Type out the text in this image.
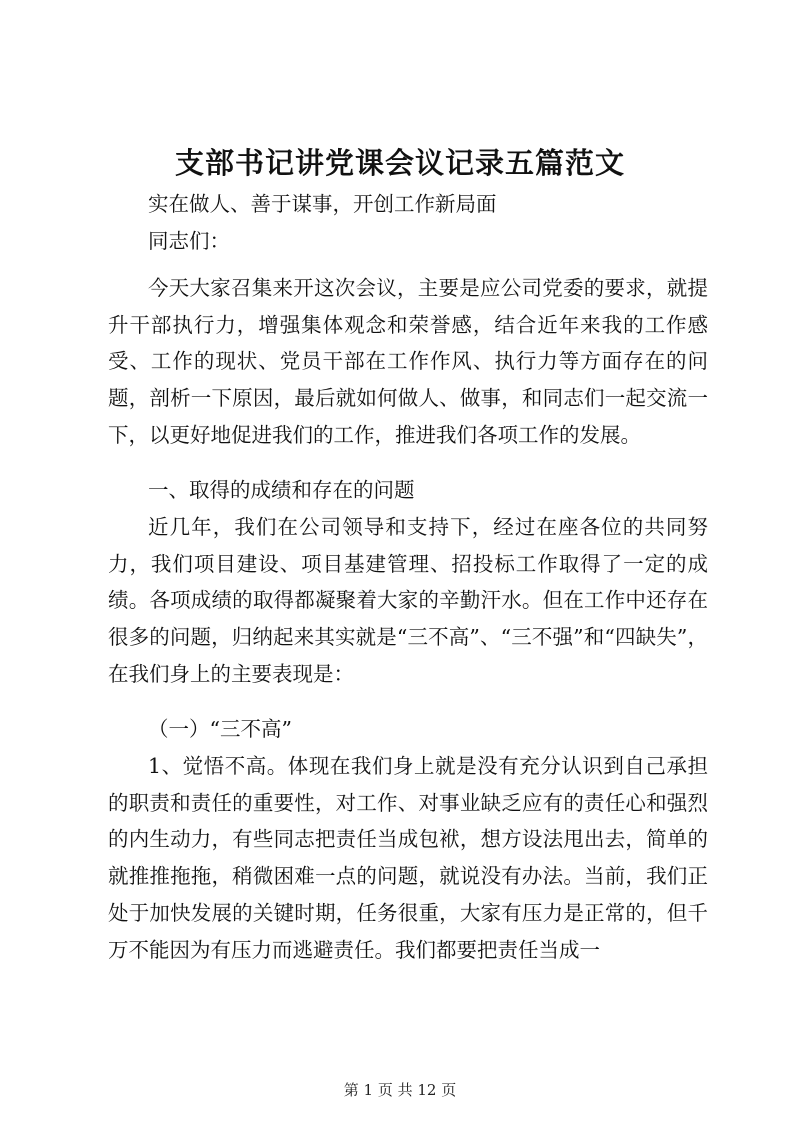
支部书记讲党课会议记录五篇范文

实在做人、善于谋事，开创工作新局面

同志们：

今天大家召集来开这次会议，主要是应公司党委的要求，就提升干部执行力，增强集体观念和荣誉感，结合近年来我的工作感受、工作的现状、党员干部在工作作风、执行力等方面存在的问题，剖析一下原因，最后就如何做人、做事，和同志们一起交流一下，以更好地促进我们的工作，推进我们各项工作的发展。

一、取得的成绩和存在的问题

近几年，我们在公司领导和支持下，经过在座各位的共同努力，我们项目建设、项目基建管理、招投标工作取得了一定的成绩。各项成绩的取得都凝聚着大家的辛勤汗水。但在工作中还存在很多的问题，归纳起来其实就是“三不高”、“三不强”和“四缺失”，在我们身上的主要表现是：

（一）“三不高”

1、觉悟不高。体现在我们身上就是没有充分认识到自己承担的职责和责任的重要性，对工作、对事业缺乏应有的责任心和强烈的内生动力，有些同志把责任当成包袱，想方设法甩出去，简单的就推推拖拖，稍微困难一点的问题，就说没有办法。当前，我们正处于加快发展的关键时期，任务很重，大家有压力是正常的，但千万不能因为有压力而逃避责任。我们都要把责任当成一

第 1 页 共 12 页
